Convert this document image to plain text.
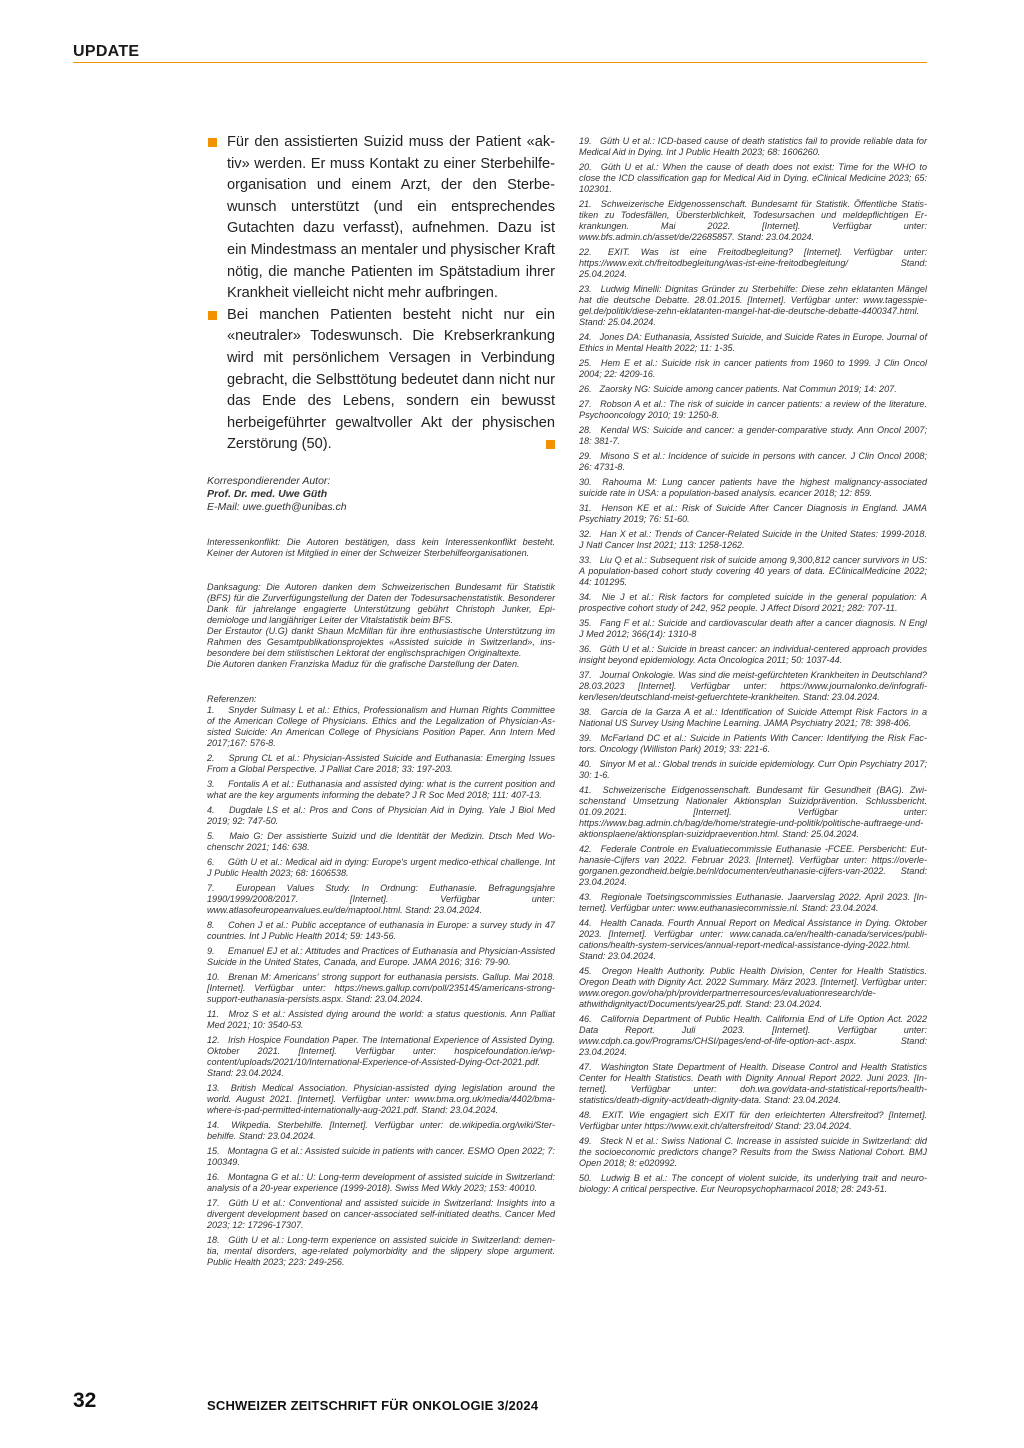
UPDATE

Für den assistierten Suizid muss der Patient «aktiv» werden. Er muss Kontakt zu einer Sterbehilfeorganisation und einem Arzt, der den Sterbewunsch unterstützt (und ein entsprechendes Gutachten dazu verfasst), aufnehmen. Dazu ist ein Mindestmass an mentaler und physischer Kraft nötig, die manche Patienten im Spätstadium ihrer Krankheit vielleicht nicht mehr aufbringen.

Bei manchen Patienten besteht nicht nur ein «neutraler» Todeswunsch. Die Krebserkrankung wird mit persönlichem Versagen in Verbindung gebracht, die Selbsttötung bedeutet dann nicht nur das Ende des Lebens, sondern ein bewusst herbeigeführter gewaltvoller Akt der physischen Zerstörung (50).

Korrespondierender Autor:
Prof. Dr. med. Uwe Güth
E-Mail: uwe.gueth@unibas.ch

Interessenkonflikt: Die Autoren bestätigen, dass kein Interessenkonflikt besteht. Keiner der Autoren ist Mitglied in einer der Schweizer Sterbehilfeorganisationen.

Danksagung: Die Autoren danken dem Schweizerischen Bundesamt für Statistik (BFS) für die Zurverfügungstellung der Daten der Todesursachenstatistik. Besonderer Dank für jahrelange engagierte Unterstützung gebührt Christoph Junker, Epidemiologe und langjähriger Leiter der Vitalstatistik beim BFS.

Der Erstautor (U.G) dankt Shaun McMillan für ihre enthusiastische Unterstützung im Rahmen des Gesamtpublikationsprojektes «Assisted suicide in Switzerland», insbesondere bei dem stilistischen Lektorat der englischsprachigen Originaltexte.

Die Autoren danken Franziska Maduz für die grafische Darstellung der Daten.

Referenzen:

1. Snyder Sulmasy L et al.: Ethics, Professionalism and Human Rights Committee of the American College of Physicians. Ethics and the Legalization of Physician-Assisted Suicide: An American College of Physicians Position Paper. Ann Intern Med 2017;167: 576-8.

2. Sprung CL et al.: Physician-Assisted Suicide and Euthanasia: Emerging Issues From a Global Perspective. J Palliat Care 2018; 33: 197-203.

3. Fontalis A et al.: Euthanasia and assisted dying: what is the current position and what are the key arguments informing the debate? J R Soc Med 2018; 111: 407-13.

4. Dugdale LS et al.: Pros and Cons of Physician Aid in Dying. Yale J Biol Med 2019; 92: 747-50.

5. Maio G: Der assistierte Suizid und die Identität der Medizin. Dtsch Med Wochenschr 2021; 146: 638.

6. Güth U et al.: Medical aid in dying: Europe's urgent medico-ethical challenge. Int J Public Health 2023; 68: 1606538.

7. European Values Study. In Ordnung: Euthanasie. Befragungsjahre 1990/1999/2008/2017. [Internet]. Verfügbar unter: www.atlasofeuropeanvalues.eu/de/maptool.html. Stand: 23.04.2024.

8. Cohen J et al.: Public acceptance of euthanasia in Europe: a survey study in 47 countries. Int J Public Health 2014; 59: 143-56.

9. Emanuel EJ et al.: Attitudes and Practices of Euthanasia and Physician-Assisted Suicide in the United States, Canada, and Europe. JAMA 2016; 316: 79-90.

10. Brenan M: Americans' strong support for euthanasia persists. Gallup. Mai 2018. [Internet]. Verfügbar unter: https://news.gallup.com/poll/235145/americans-strong-support-euthanasia-persists.aspx. Stand: 23.04.2024.

11. Mroz S et al.: Assisted dying around the world: a status questionis. Ann Palliat Med 2021; 10: 3540-53.

12. Irish Hospice Foundation Paper. The International Experience of Assisted Dying. Oktober 2021. [Internet]. Verfügbar unter: hospicefoundation.ie/wp-content/uploads/2021/10/International-Experience-of-Assisted-Dying-Oct-2021.pdf. Stand: 23.04.2024.

13. British Medical Association. Physician-assisted dying legislation around the world. August 2021. [Internet]. Verfügbar unter: www.bma.org.uk/media/4402/bma-where-is-pad-permitted-internationally-aug-2021.pdf. Stand: 23.04.2024.

14. Wikpedia. Sterbehilfe. [Internet]. Verfügbar unter: de.wikipedia.org/wiki/Sterbehilfe. Stand: 23.04.2024.

15. Montagna G et al.: Assisted suicide in patients with cancer. ESMO Open 2022; 7: 100349.

16. Montagna G et al.: U: Long-term development of assisted suicide in Switzerland: analysis of a 20-year experience (1999-2018). Swiss Med Wkly 2023; 153: 40010.

17. Güth U et al.: Conventional and assisted suicide in Switzerland: Insights into a divergent development based on cancer-associated self-initiated deaths. Cancer Med 2023; 12: 17296-17307.

18. Güth U et al.: Long-term experience on assisted suicide in Switzerland: dementia, mental disorders, age-related polymorbidity and the slippery slope argument. Public Health 2023; 223: 249-256.

19. Güth U et al.: ICD-based cause of death statistics fail to provide reliable data for Medical Aid in Dying. Int J Public Health 2023; 68: 1606260.

20. Güth U et al.: When the cause of death does not exist: Time for the WHO to close the ICD classification gap for Medical Aid in Dying. eClinical Medicine 2023; 65: 102301.

21. Schweizerische Eidgenossenschaft. Bundesamt für Statistik. Öffentliche Statistiken zu Todesfällen, Übersterblichkeit, Todesursachen und meldepflichtigen Erkrankungen. Mai 2022. [Internet]. Verfügbar unter: www.bfs.admin.ch/asset/de/22685857. Stand: 23.04.2024.

22. EXIT. Was ist eine Freitodbegleitung? [Internet]. Verfügbar unter: https://www.exit.ch/freitodbegleitung/was-ist-eine-freitodbegleitung/ Stand: 25.04.2024.

23. Ludwig Minelli: Dignitas Gründer zu Sterbehilfe: Diese zehn eklatanten Mängel hat die deutsche Debatte. 28.01.2015. [Internet]. Verfügbar unter: www.tagesspiegel.de/politik/diese-zehn-eklatanten-mangel-hat-die-deutsche-debatte-4400347.html. Stand: 25.04.2024.

24. Jones DA: Euthanasia, Assisted Suicide, and Suicide Rates in Europe. Journal of Ethics in Mental Health 2022; 11: 1-35.

25. Hem E et al.: Suicide risk in cancer patients from 1960 to 1999. J Clin Oncol 2004; 22: 4209-16.

26. Zaorsky NG: Suicide among cancer patients. Nat Commun 2019; 14: 207.

27. Robson A et al.: The risk of suicide in cancer patients: a review of the literature. Psychooncology 2010; 19: 1250-8.

28. Kendal WS: Suicide and cancer: a gender-comparative study. Ann Oncol 2007; 18: 381-7.

29. Misono S et al.: Incidence of suicide in persons with cancer. J Clin Oncol 2008; 26: 4731-8.

30. Rahouma M: Lung cancer patients have the highest malignancy-associated suicide rate in USA: a population-based analysis. ecancer 2018; 12: 859.

31. Henson KE et al.: Risk of Suicide After Cancer Diagnosis in England. JAMA Psychiatry 2019; 76: 51-60.

32. Han X et al.: Trends of Cancer-Related Suicide in the United States: 1999-2018. J Natl Cancer Inst 2021; 113: 1258-1262.

33. Liu Q et al.: Subsequent risk of suicide among 9,300,812 cancer survivors in US: A population-based cohort study covering 40 years of data. EClinicalMedicine 2022; 44: 101295.

34. Nie J et al.: Risk factors for completed suicide in the general population: A prospective cohort study of 242, 952 people. J Affect Disord 2021; 282: 707-11.

35. Fang F et al.: Suicide and cardiovascular death after a cancer diagnosis. N Engl J Med 2012; 366(14): 1310-8

36. Güth U et al.: Suicide in breast cancer: an individual-centered approach provides insight beyond epidemiology. Acta Oncologica 2011; 50: 1037-44.

37. Journal Onkologie. Was sind die meist-gefürchteten Krankheiten in Deutschland? 28.03.2023 [Internet]. Verfügbar unter: https://www.journalonko.de/infografiken/lesen/deutschland-meist-gefuerchtete-krankheiten. Stand: 23.04.2024.

38. Garcia de la Garza A et al.: Identification of Suicide Attempt Risk Factors in a National US Survey Using Machine Learning. JAMA Psychiatry 2021; 78: 398-406.

39. McFarland DC et al.: Suicide in Patients With Cancer: Identifying the Risk Factors. Oncology (Williston Park) 2019; 33: 221-6.

40. Sinyor M et al.: Global trends in suicide epidemiology. Curr Opin Psychiatry 2017; 30: 1-6.

41. Schweizerische Eidgenossenschaft. Bundesamt für Gesundheit (BAG). Zwischenstand Umsetzung Nationaler Aktionsplan Suizidprävention. Schlussbericht. 01.09.2021. [Internet]. Verfügbar unter: https://www.bag.admin.ch/bag/de/home/strategie-und-politik/politische-auftraege-und-aktionsplaene/aktionsplan-suizidpraevention.html. Stand: 25.04.2024.

42. Federale Controle en Evaluatiecommissie Euthanasie -FCEE. Persbericht: Euthanasie-Cijfers van 2022. Februar 2023. [Internet]. Verfügbar unter: https://overlegorganen.gezondheid.belgie.be/nl/documenten/euthanasie-cijfers-van-2022. Stand: 23.04.2024.

43. Regionale Toetsingscommissies Euthanasie. Jaarverslag 2022. April 2023. [Internet]. Verfügbar unter: www.euthanasiecommissie.nl. Stand: 23.04.2024.

44. Health Canada. Fourth Annual Report on Medical Assistance in Dying. Oktober 2023. [Internet]. Verfügbar unter: www.canada.ca/en/health-canada/services/publications/health-system-services/annual-report-medical-assistance-dying-2022.html. Stand: 23.04.2024.

45. Oregon Health Authority. Public Health Division, Center for Health Statistics. Oregon Death with Dignity Act. 2022 Summary. März 2023. [Internet]. Verfügbar unter: www.oregon.gov/oha/ph/providerpartnerresources/evaluationresearch/deathwithdignityact/Documents/year25.pdf. Stand: 23.04.2024.

46. California Department of Public Health. California End of Life Option Act. 2022 Data Report. Juli 2023. [Internet]. Verfügbar unter: www.cdph.ca.gov/Programs/CHSI/pages/end-of-life-option-act-.aspx. Stand: 23.04.2024.

47. Washington State Department of Health. Disease Control and Health Statistics Center for Health Statistics. Death with Dignity Annual Report 2022. Juni 2023. [Internet]. Verfügbar unter: doh.wa.gov/data-and-statistical-reports/health-statistics/death-dignity-act/death-dignity-data. Stand: 23.04.2024.

48. EXIT. Wie engagiert sich EXIT für den erleichterten Altersfreitod? [Internet]. Verfügbar unter https://www.exit.ch/altersfreitod/ Stand: 23.04.2024.

49. Steck N et al.: Swiss National C. Increase in assisted suicide in Switzerland: did the socioeconomic predictors change? Results from the Swiss National Cohort. BMJ Open 2018; 8: e020992.

50. Ludwig B et al.: The concept of violent suicide, its underlying trait and neurobiology: A critical perspective. Eur Neuropsychopharmacol 2018; 28: 243-51.

32	SCHWEIZER ZEITSCHRIFT FÜR ONKOLOGIE 3/2024
